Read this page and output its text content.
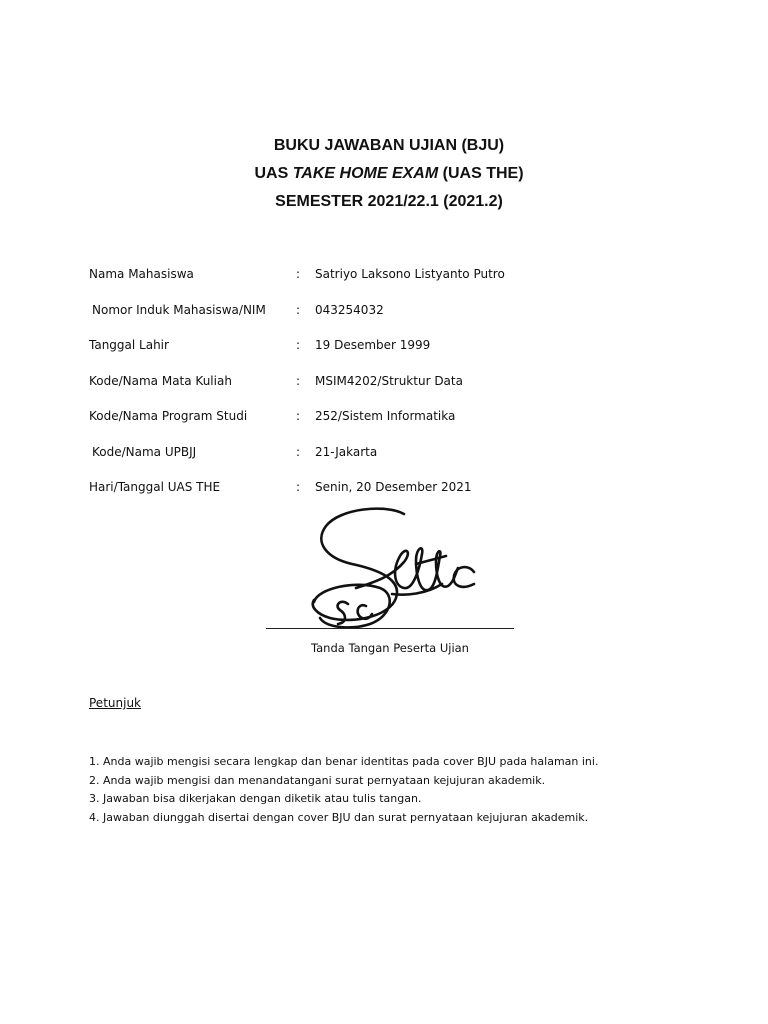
BUKU JAWABAN UJIAN (BJU)
UAS TAKE HOME EXAM (UAS THE)
SEMESTER 2021/22.1 (2021.2)
Nama Mahasiswa	: Satriyo Laksono Listyanto Putro
Nomor Induk Mahasiswa/NIM	: 043254032
Tanggal Lahir	: 19 Desember 1999
Kode/Nama Mata Kuliah	: MSIM4202/Struktur Data
Kode/Nama Program Studi	: 252/Sistem Informatika
Kode/Nama UPBJJ	: 21-Jakarta
Hari/Tanggal UAS THE	: Senin, 20 Desember 2021
Tanda Tangan Peserta Ujian
Petunjuk
1. Anda wajib mengisi secara lengkap dan benar identitas pada cover BJU pada halaman ini.
2. Anda wajib mengisi dan menandatangani surat pernyataan kejujuran akademik.
3. Jawaban bisa dikerjakan dengan diketik atau tulis tangan.
4. Jawaban diunggah disertai dengan cover BJU dan surat pernyataan kejujuran akademik.
